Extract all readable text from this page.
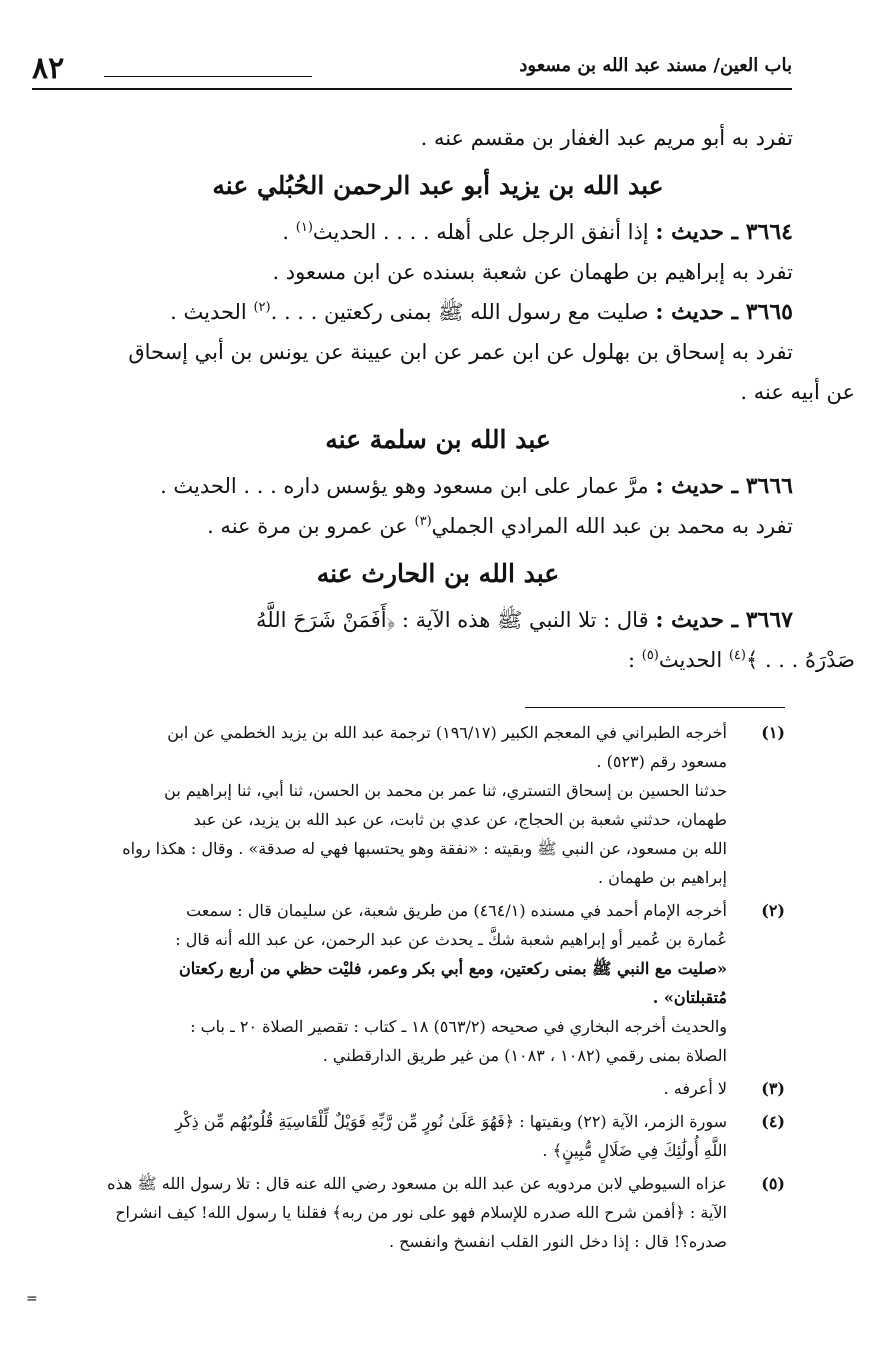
٨٢	باب العين/ مسند عبد الله بن مسعود

تفرد به أبو مريم عبد الغفار بن مقسم عنه .

عبد الله بن يزيد أبو عبد الرحمن الحُبُلي عنه

٣٦٦٤ ـ حديث : إذا أنفق الرجل على أهله . . . . الحديث$^{(١)}$ .

تفرد به إبراهيم بن طهمان عن شعبة بسنده عن ابن مسعود .

٣٦٦٥ ـ حديث : صليت مع رسول الله ﷺ بمنى ركعتين . . . .$^{(٢)}$ الحديث .

تفرد به إسحاق بن بهلول عن ابن عمر عن ابن عيينة عن يونس بن أبي إسحاق

عن أبيه عنه .

عبد الله بن سلمة عنه

٣٦٦٦ ـ حديث : مرَّ عمار على ابن مسعود وهو يؤسس داره . . . الحديث .

تفرد به محمد بن عبد الله المرادي الجملي$^{(٣)}$ عن عمرو بن مرة عنه .

عبد الله بن الحارث عنه

٣٦٦٧ ـ حديث : قال : تلا النبي ﷺ هذه الآية : ﴿أَفَمَنْ شَرَحَ اللَّهُ

صَدْرَهُ . . . ﴾$^{(٤)}$ الحديث$^{(٥)}$ :

(١)

أخرجه الطبراني في المعجم الكبير (١٩٦/١٧) ترجمة عبد الله بن يزيد الخطمي عن ابن

مسعود رقم (٥٢٣) .

حدثنا الحسين بن إسحاق التستري، ثنا عمر بن محمد بن الحسن، ثنا أبي، ثنا إبراهيم بن

طهمان، حدثني شعبة بن الحجاج، عن عدي بن ثابت، عن عبد الله بن يزيد، عن عبد

الله بن مسعود، عن النبي ﷺ وبقيته : «نفقة وهو يحتسبها فهي له صدقة» . وقال : هكذا رواه

إبراهيم بن طهمان .

(٢)

أخرجه الإمام أحمد في مسنده (٤٦٤/١) من طريق شعبة، عن سليمان قال : سمعت

عُمارة بن عُمير أو إبراهيم شعبة شكَّ ـ يحدث عن عبد الرحمن، عن عبد الله أنه قال :

«صليت مع النبي ﷺ بمنى ركعتين، ومع أبي بكر وعمر، فليْت حظي من أربع ركعتان

مُتقبلتان» .

والحديث أخرجه البخاري في صحيحه (٥٦٣/٢) ١٨ ـ كتاب : تقصير الصلاة ٢٠ ـ باب :

الصلاة بمنى رقمي (١٠٨٢ ، ١٠٨٣) من غير طريق الدارقطني .

(٣)

لا أعرفه .

(٤)

سورة الزمر، الآية (٢٢) وبقيتها : ﴿فَهُوَ عَلَىٰ نُورٍ مِّن رَّبِّهِ فَوَيْلٌ لِّلْقَاسِيَةِ قُلُوبُهُم مِّن ذِكْرِ

اللَّهِ أُولَٰئِكَ فِي ضَلَالٍ مُّبِينٍ﴾ .

(٥)

عزاه السيوطي لابن مردويه عن عبد الله بن مسعود رضي الله عنه قال : تلا رسول الله ﷺ هذه

الآية : ﴿أفمن شرح الله صدره للإسلام فهو على نور من ربه﴾ فقلنا يا رسول الله! كيف انشراح

صدره؟! قال : إذا دخل النور القلب انفسخ وانفسح .

=
